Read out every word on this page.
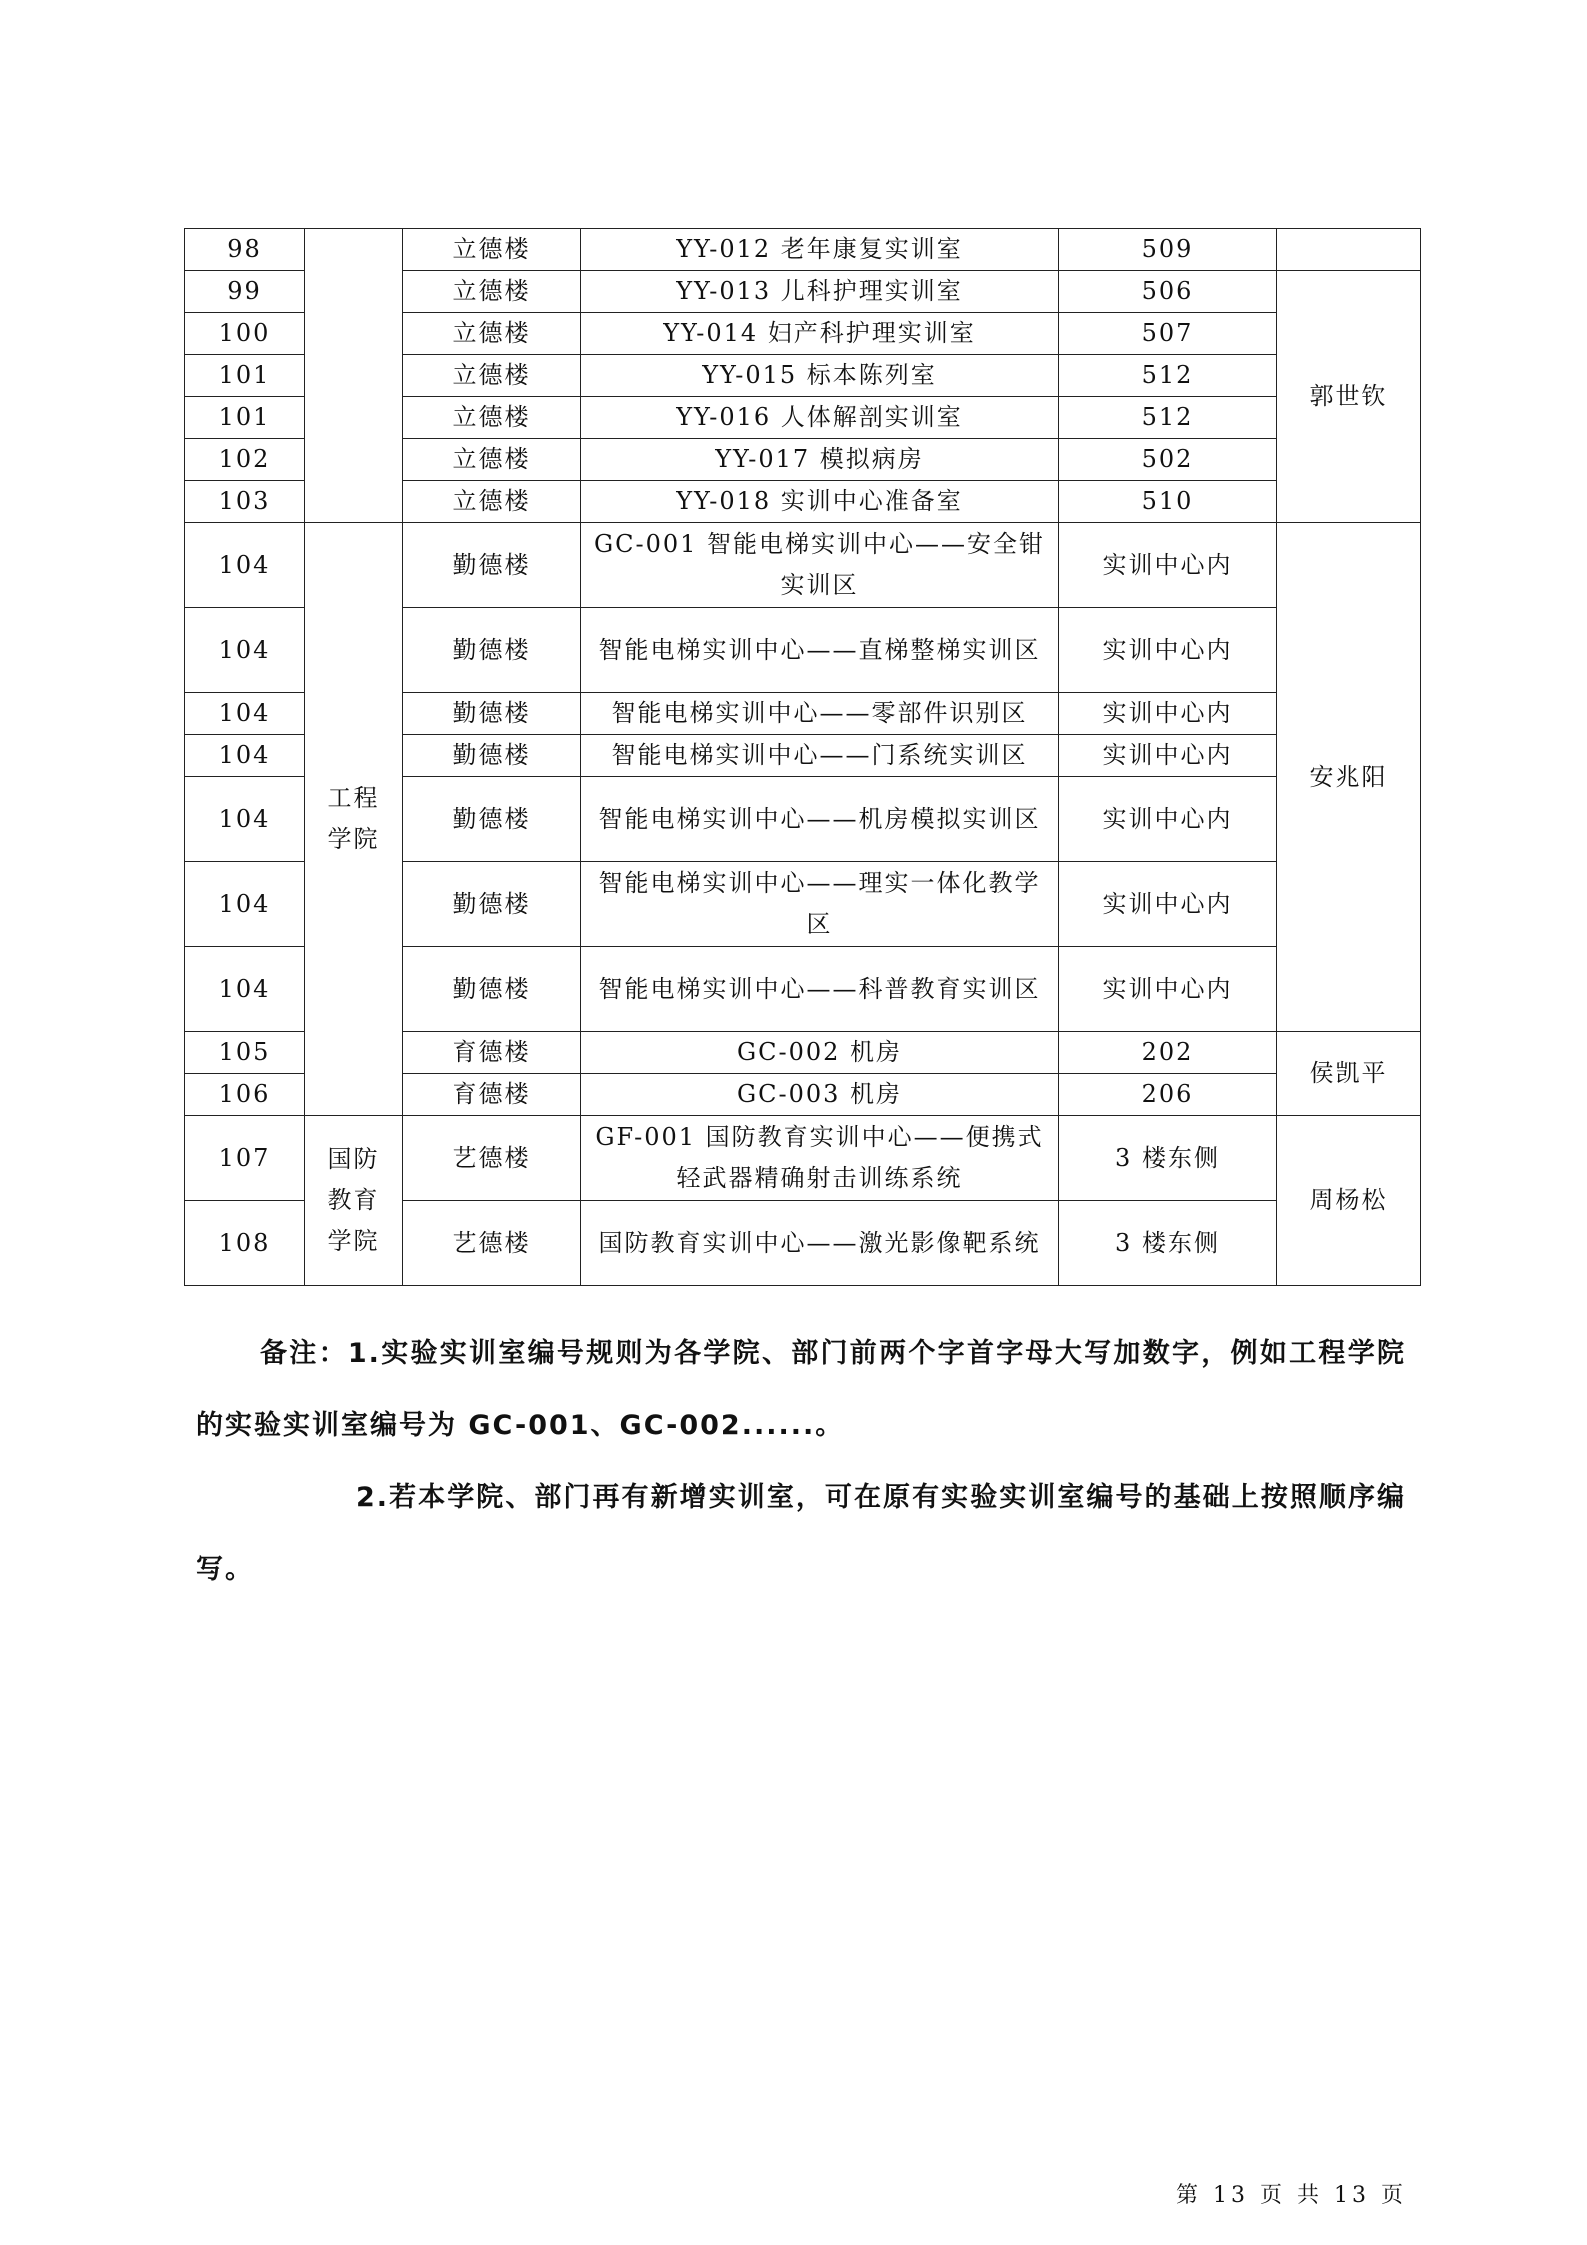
98		立德楼	YY-012 老年康复实训室	509	
99		立德楼	YY-013 儿科护理实训室	506	郭世钦
100		立德楼	YY-014 妇产科护理实训室	507	
101		立德楼	YY-015 标本陈列室	512	
101		立德楼	YY-016 人体解剖实训室	512	
102		立德楼	YY-017 模拟病房	502	
103		立德楼	YY-018 实训中心准备室	510	
104	工程学院	勤德楼	GC-001 智能电梯实训中心——安全钳实训区	实训中心内	安兆阳
104		勤德楼	智能电梯实训中心——直梯整梯实训区	实训中心内	
104		勤德楼	智能电梯实训中心——零部件识别区	实训中心内	
104		勤德楼	智能电梯实训中心——门系统实训区	实训中心内	
104		勤德楼	智能电梯实训中心——机房模拟实训区	实训中心内	
104		勤德楼	智能电梯实训中心——理实一体化教学区	实训中心内	
104		勤德楼	智能电梯实训中心——科普教育实训区	实训中心内	
105		育德楼	GC-002 机房	202	侯凯平
106		育德楼	GC-003 机房	206	
107	国防教育学院	艺德楼	GF-001 国防教育实训中心——便携式轻武器精确射击训练系统	3 楼东侧	周杨松
108		艺德楼	国防教育实训中心——激光影像靶系统	3 楼东侧	

备注：1.实验实训室编号规则为各学院、部门前两个字首字母大写加数字，例如工程学院的实验实训室编号为 GC-001、GC-002......。

2.若本学院、部门再有新增实训室，可在原有实验实训室编号的基础上按照顺序编写。

第 13 页 共 13 页
